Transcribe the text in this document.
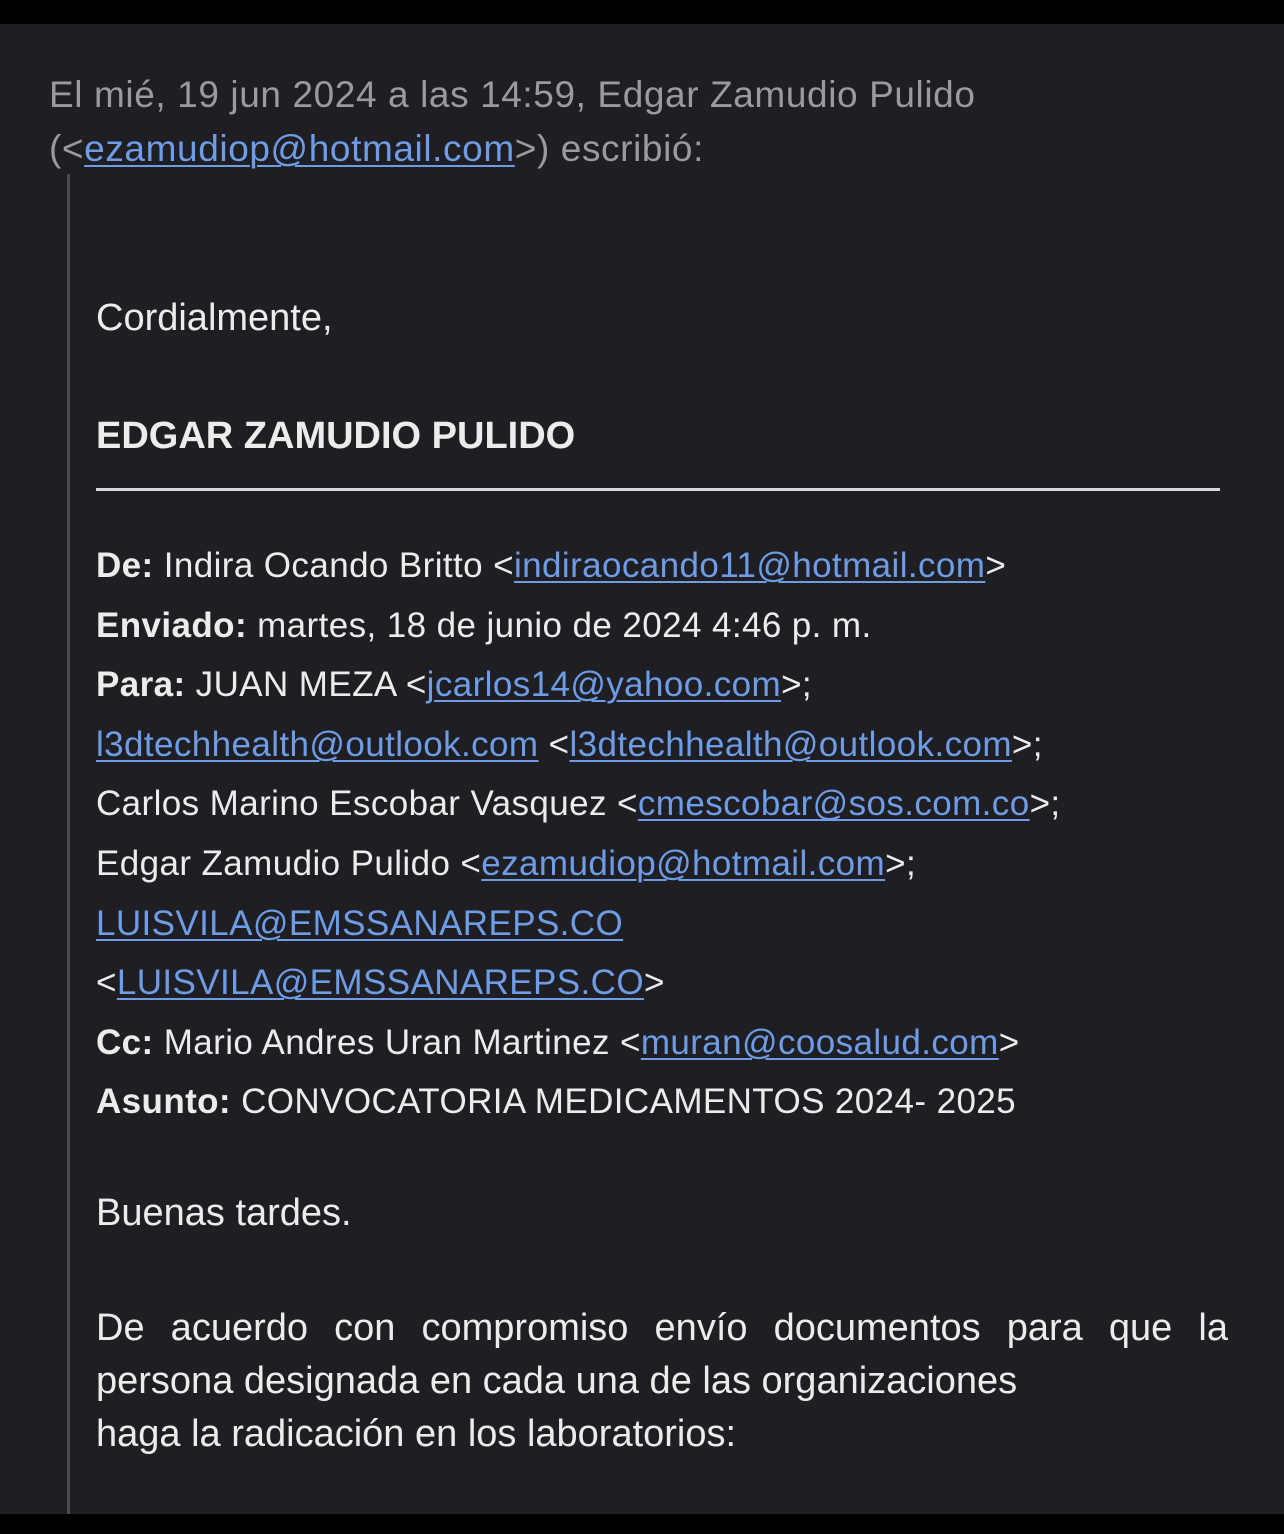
El mié, 19 jun 2024 a las 14:59, Edgar Zamudio Pulido
(<ezamudiop@hotmail.com>) escribió:
Cordialmente,
EDGAR ZAMUDIO PULIDO
De: Indira Ocando Britto <indiraocando11@hotmail.com>
Enviado: martes, 18 de junio de 2024 4:46 p. m.
Para: JUAN MEZA <jcarlos14@yahoo.com>;
l3dtechhealth@outlook.com <l3dtechhealth@outlook.com>;
Carlos Marino Escobar Vasquez <cmescobar@sos.com.co>;
Edgar Zamudio Pulido <ezamudiop@hotmail.com>;
LUISVILA@EMSSANAREPS.CO
<LUISVILA@EMSSANAREPS.CO>
Cc: Mario Andres Uran Martinez <muran@coosalud.com>
Asunto: CONVOCATORIA MEDICAMENTOS 2024- 2025
Buenas tardes.
De acuerdo con compromiso envío documentos para que la
persona designada en cada una de las organizaciones
haga la radicación en los laboratorios:
